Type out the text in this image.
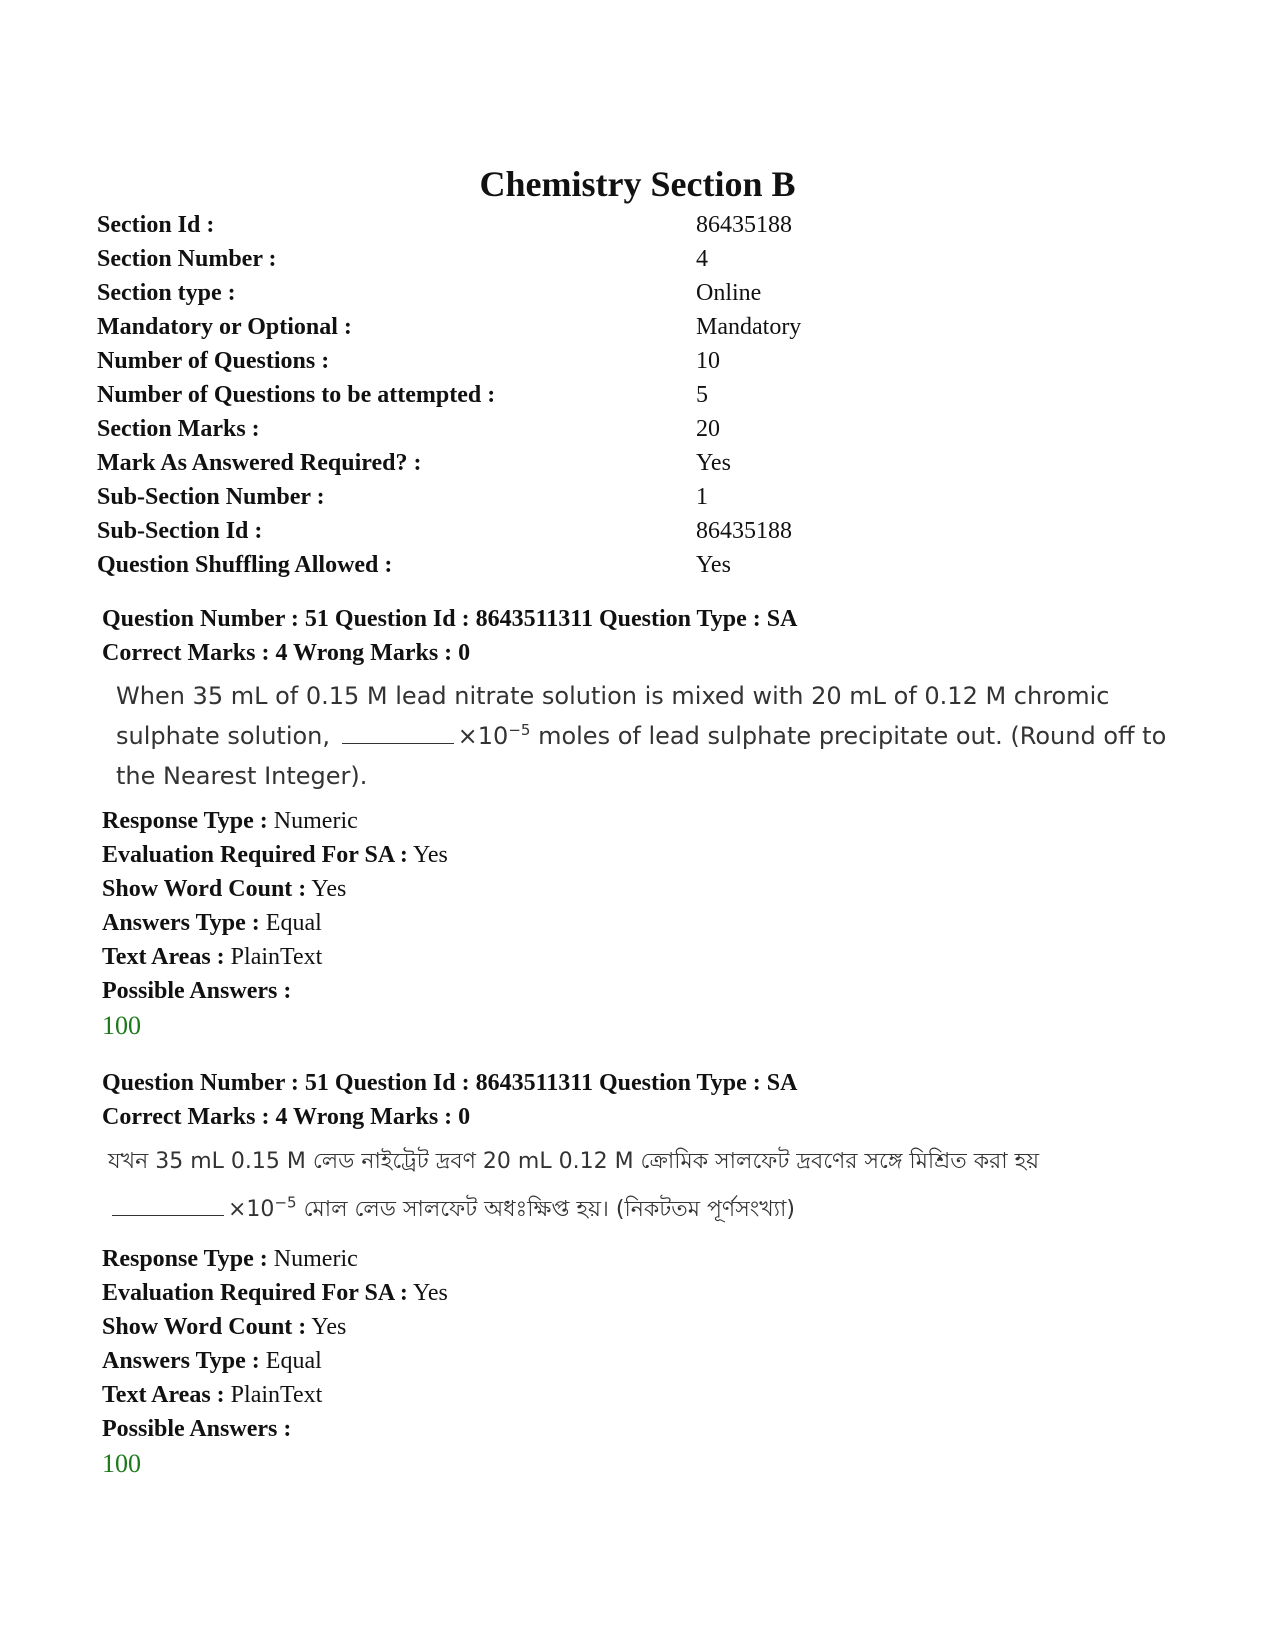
Chemistry Section B
Section Id :	86435188
Section Number :	4
Section type :	Online
Mandatory or Optional :	Mandatory
Number of Questions :	10
Number of Questions to be attempted :	5
Section Marks :	20
Mark As Answered Required? :	Yes
Sub-Section Number :	1
Sub-Section Id :	86435188
Question Shuffling Allowed :	Yes
Question Number : 51 Question Id : 8643511311 Question Type : SA
Correct Marks : 4 Wrong Marks : 0
When 35 mL of 0.15 M lead nitrate solution is mixed with 20 mL of 0.12 M chromic sulphate solution,	$\times 10^{-5}$ moles of lead sulphate precipitate out. (Round off to the Nearest Integer).
Response Type : Numeric
Evaluation Required For SA : Yes
Show Word Count : Yes
Answers Type : Equal
Text Areas : PlainText
Possible Answers :
100
Question Number : 51 Question Id : 8643511311 Question Type : SA
Correct Marks : 4 Wrong Marks : 0
যখন 35 mL 0.15 M লেড নাইট্রেট দ্রবণ 20 mL 0.12 M ক্রোমিক সালফেট দ্রবণের সঙ্গে মিশ্রিত করা হয়
$\times 10^{-5}$ মোল লেড সালফেট অধঃক্ষিপ্ত হয়। (নিকটতম পূর্ণসংখ্যা)
Response Type : Numeric
Evaluation Required For SA : Yes
Show Word Count : Yes
Answers Type : Equal
Text Areas : PlainText
Possible Answers :
100
